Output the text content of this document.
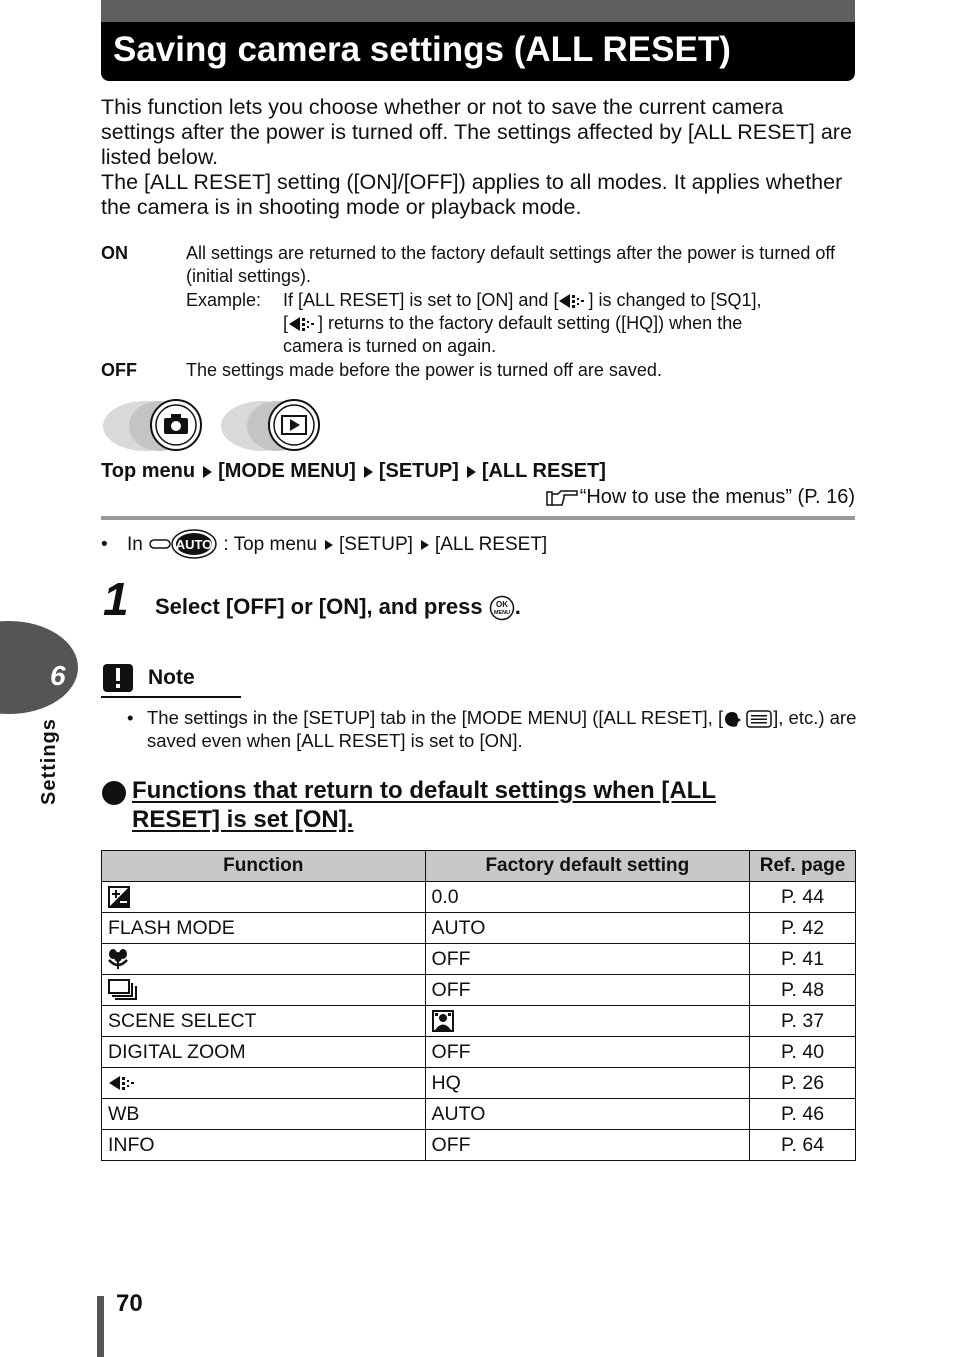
Saving camera settings (ALL RESET)

This function lets you choose whether or not to save the current camera settings after the power is turned off. The settings affected by [ALL RESET] are listed below.

The [ALL RESET] setting ([ON]/[OFF]) applies to all modes. It applies whether the camera is in shooting mode or playback mode.

ON	All settings are returned to the factory default settings after the power is turned off (initial settings).
Example: If [ALL RESET] is set to [ON] and [ ] is changed to [SQ1],
[ ] returns to the factory default setting ([HQ]) when the
camera is turned on again.
OFF	The settings made before the power is turned off are saved.
Top menu [MODE MENU] [SETUP] [ALL RESET]
“How to use the menus” (P. 16)
• In	AUTO : Top menu [SETUP] [ALL RESET]
1 Select [OFF] or [ON], and press OK
MENU .
6
Settings
Note
• The settings in the [SETUP] tab in the [MODE MENU] ([ALL RESET], [	], etc.) are saved even when [ALL RESET] is set to [ON].
Functions that return to default settings when [ALL
RESET] is set [ON].
Function	Factory default setting	Ref. page
	0.0	P. 44
FLASH MODE	AUTO	P. 42
	OFF	P. 41
	OFF	P. 48
SCENE SELECT		P. 37
DIGITAL ZOOM	OFF	P. 40
	HQ	P. 26
WB	AUTO	P. 46
INFO	OFF	P. 64
70
